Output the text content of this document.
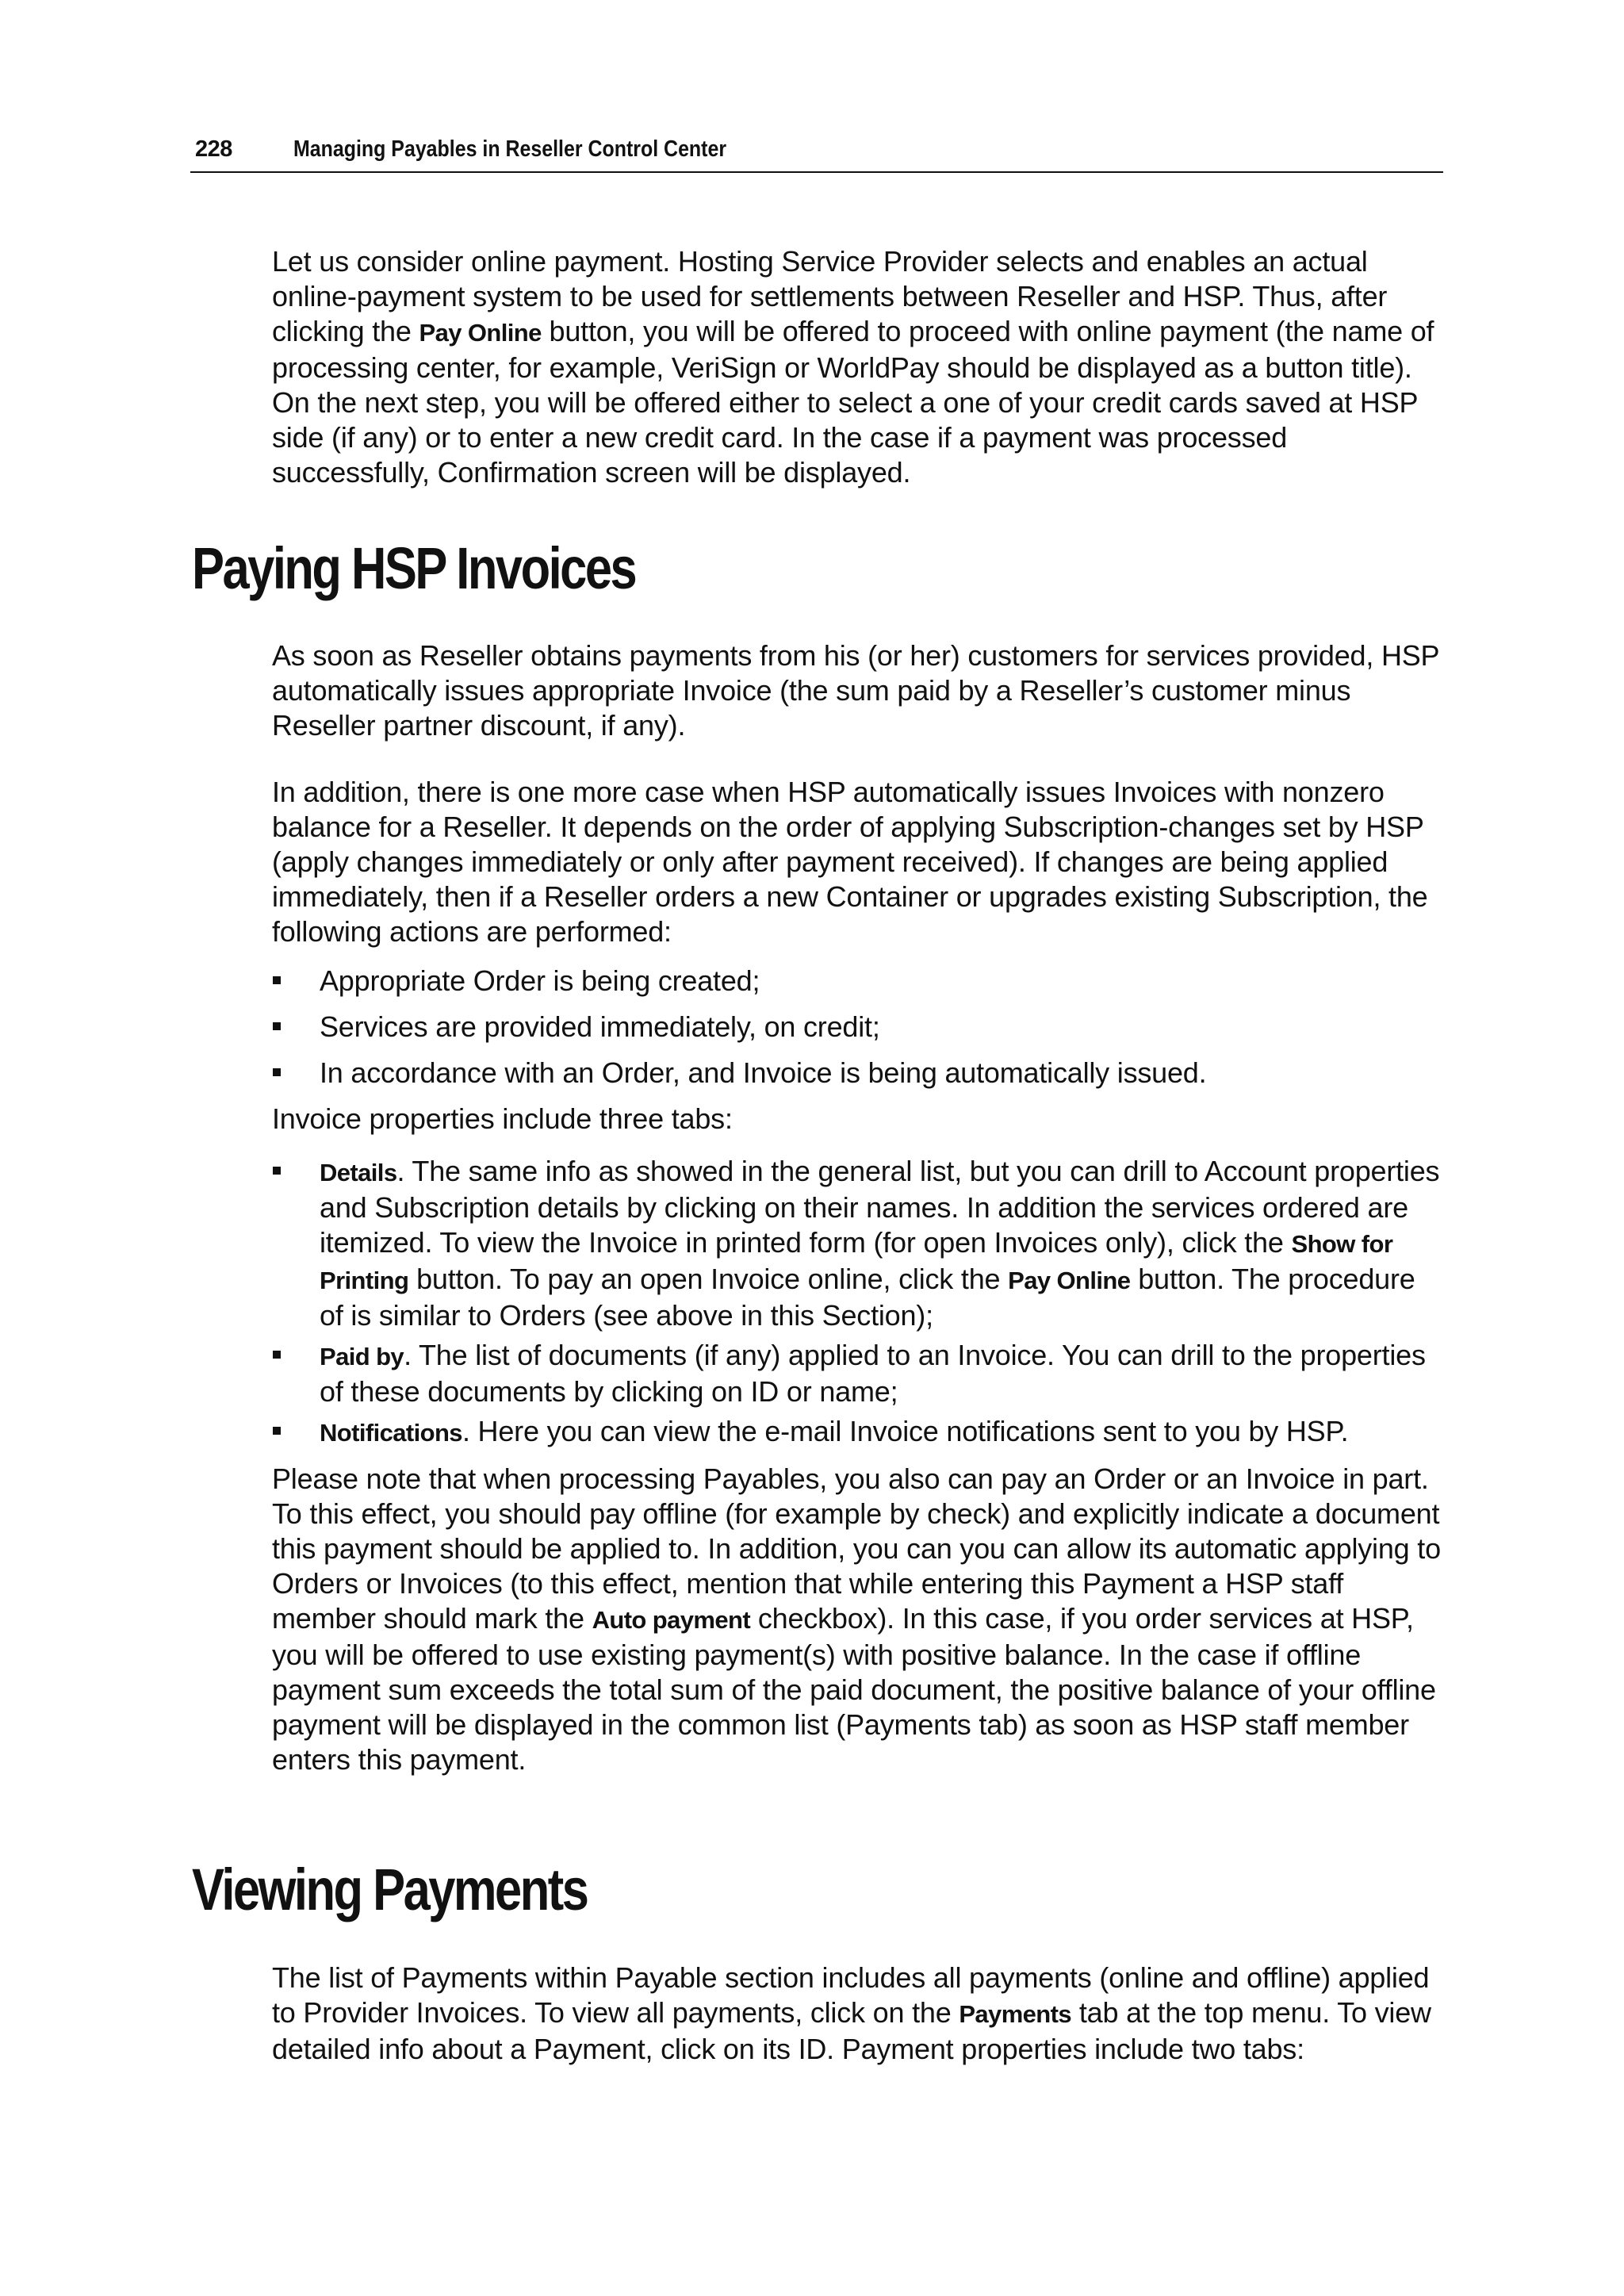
228	Managing Payables in Reseller Control Center

Let us consider online payment. Hosting Service Provider selects and enables an actual online-payment system to be used for settlements between Reseller and HSP. Thus, after clicking the Pay Online button, you will be offered to proceed with online payment (the name of processing center, for example, VeriSign or WorldPay should be displayed as a button title). On the next step, you will be offered either to select a one of your credit cards saved at HSP side (if any) or to enter a new credit card. In the case if a payment was processed successfully, Confirmation screen will be displayed.

Paying HSP Invoices

As soon as Reseller obtains payments from his (or her) customers for services provided, HSP automatically issues appropriate Invoice (the sum paid by a Reseller’s customer minus Reseller partner discount, if any).

In addition, there is one more case when HSP automatically issues Invoices with nonzero balance for a Reseller. It depends on the order of applying Subscription-changes set by HSP (apply changes immediately or only after payment received). If changes are being applied immediately, then if a Reseller orders a new Container or upgrades existing Subscription, the following actions are performed:

Appropriate Order is being created;
Services are provided immediately, on credit;
In accordance with an Order, and Invoice is being automatically issued.

Invoice properties include three tabs:

Details. The same info as showed in the general list, but you can drill to Account properties and Subscription details by clicking on their names. In addition the services ordered are itemized. To view the Invoice in printed form (for open Invoices only), click the Show for Printing button. To pay an open Invoice online, click the Pay Online button. The procedure of is similar to Orders (see above in this Section);
Paid by. The list of documents (if any) applied to an Invoice. You can drill to the properties of these documents by clicking on ID or name;
Notifications. Here you can view the e-mail Invoice notifications sent to you by HSP.

Please note that when processing Payables, you also can pay an Order or an Invoice in part. To this effect, you should pay offline (for example by check) and explicitly indicate a document this payment should be applied to. In addition, you can you can allow its automatic applying to Orders or Invoices (to this effect, mention that while entering this Payment a HSP staff member should mark the Auto payment checkbox). In this case, if you order services at HSP, you will be offered to use existing payment(s) with positive balance. In the case if offline payment sum exceeds the total sum of the paid document, the positive balance of your offline payment will be displayed in the common list (Payments tab) as soon as HSP staff member enters this payment.

Viewing Payments

The list of Payments within Payable section includes all payments (online and offline) applied to Provider Invoices. To view all payments, click on the Payments tab at the top menu. To view detailed info about a Payment, click on its ID. Payment properties include two tabs:
